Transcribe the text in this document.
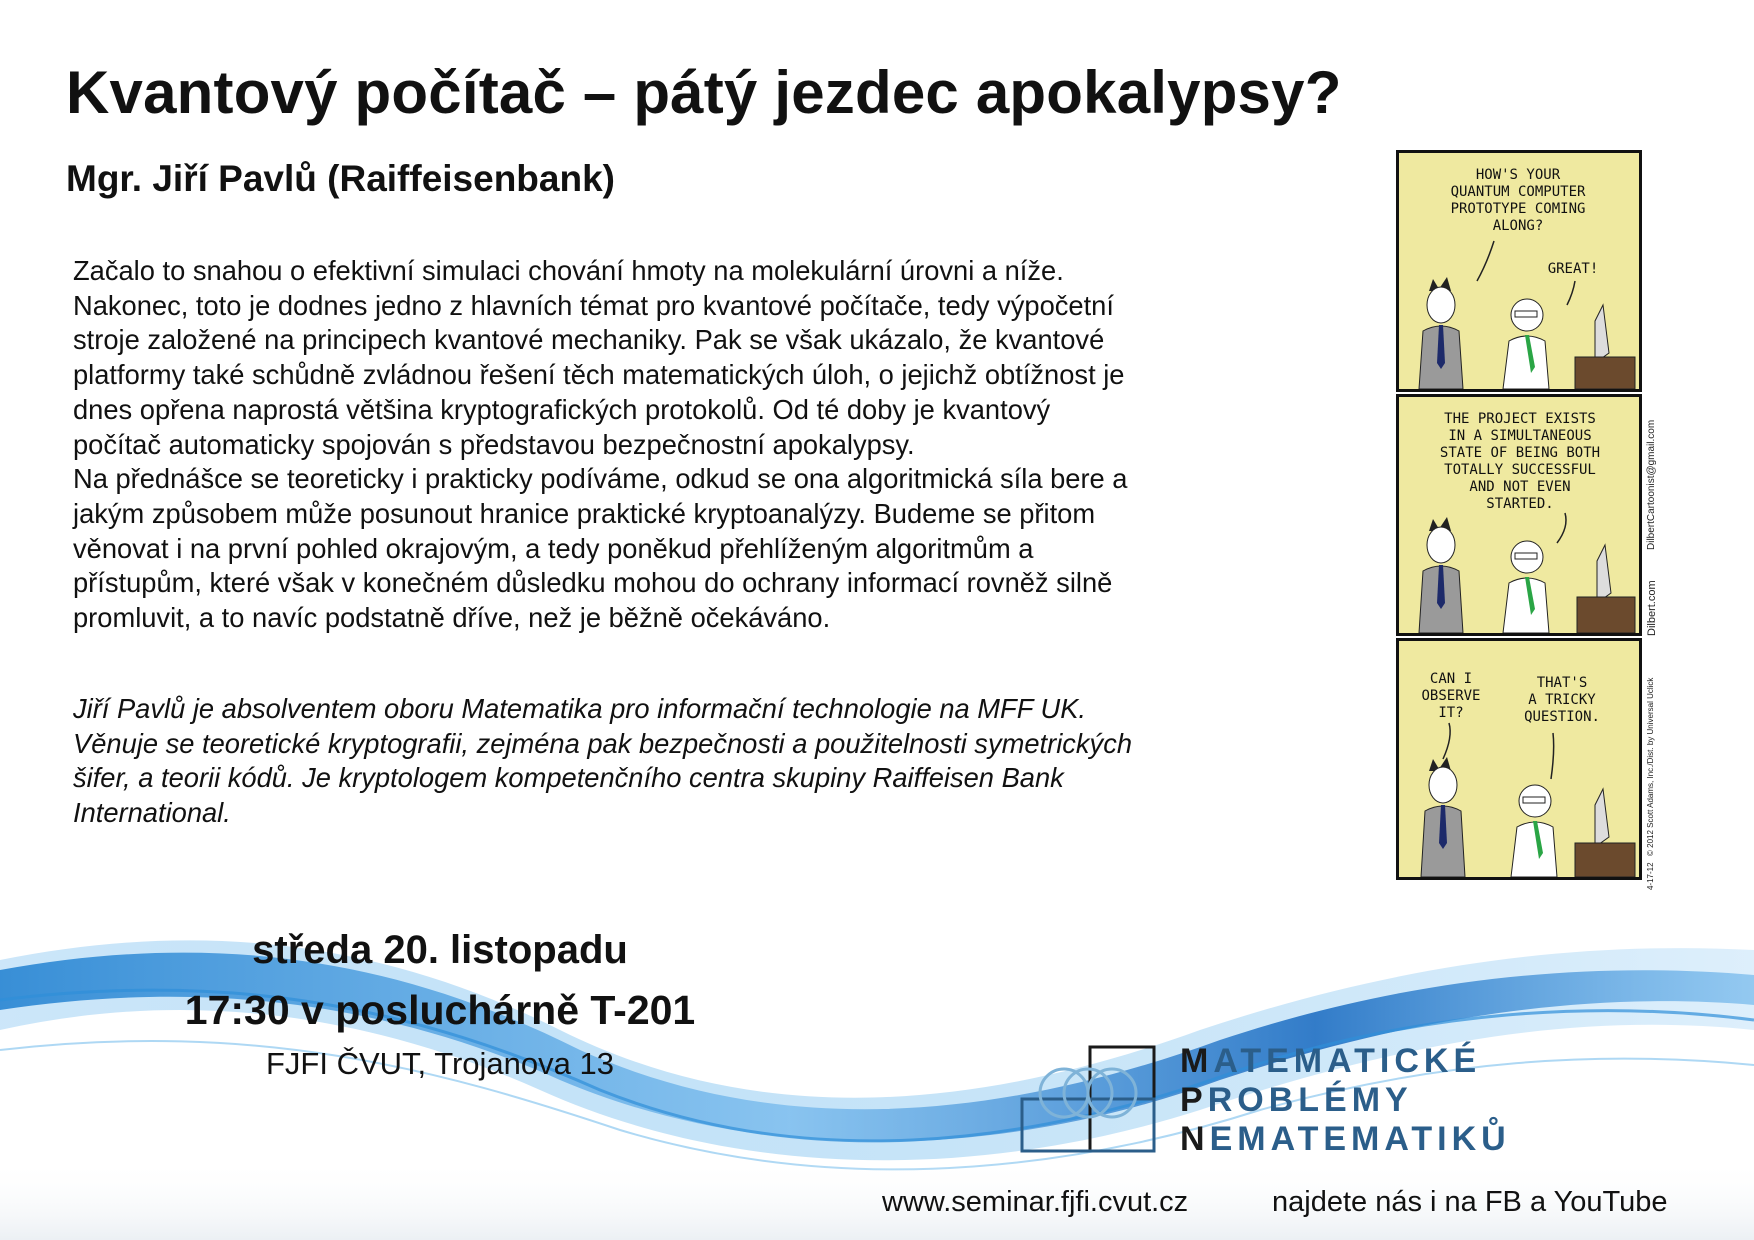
Kvantový počítač – pátý jezdec apokalypsy?
Mgr. Jiří Pavlů (Raiffeisenbank)
Začalo to snahou o efektivní simulaci chování hmoty na molekulární úrovni a níže.
Nakonec, toto je dodnes jedno z hlavních témat pro kvantové počítače, tedy výpočetní
stroje založené na principech kvantové mechaniky. Pak se však ukázalo, že kvantové
platformy také schůdně zvládnou řešení těch matematických úloh, o jejichž obtížnost je
dnes opřena naprostá většina kryptografických protokolů. Od té doby je kvantový
počítač automaticky spojován s představou bezpečnostní apokalypsy.
Na přednášce se teoreticky i prakticky podíváme, odkud se ona algoritmická síla bere a
jakým způsobem může posunout hranice praktické kryptoanalýzy. Budeme se přitom
věnovat i na první pohled okrajovým, a tedy poněkud přehlíženým algoritmům a
přístupům, které však v konečném důsledku mohou do ochrany informací rovněž silně
promluvit, a to navíc podstatně dříve, než je běžně očekáváno.
Jiří Pavlů je absolventem oboru Matematika pro informační technologie na MFF UK.
Věnuje se teoretické kryptografii, zejména pak bezpečnosti a použitelnosti symetrických
šifer, a teorii kódů. Je kryptologem kompetenčního centra skupiny Raiffeisen Bank
International.
HOW'S YOUR
QUANTUM COMPUTER
PROTOTYPE COMING
ALONG?
GREAT!
THE PROJECT EXISTS
IN A SIMULTANEOUS
STATE OF BEING BOTH
TOTALLY SUCCESSFUL
AND NOT EVEN
STARTED.
CAN I
OBSERVE
IT?
THAT'S
A TRICKY
QUESTION.
Dilbert.com
DilbertCartoonist@gmail.com
© 2012 Scott Adams, Inc./Dist. by Universal Uclick
4-17-12
středa 20. listopadu
17:30 v posluchárně T-201
FJFI ČVUT, Trojanova 13	MATEMATICKÉ
PROBLÉMY
NEMATEMATIKŮ
www.seminar.fjfi.cvut.cz	najdete nás i na FB a YouTube
